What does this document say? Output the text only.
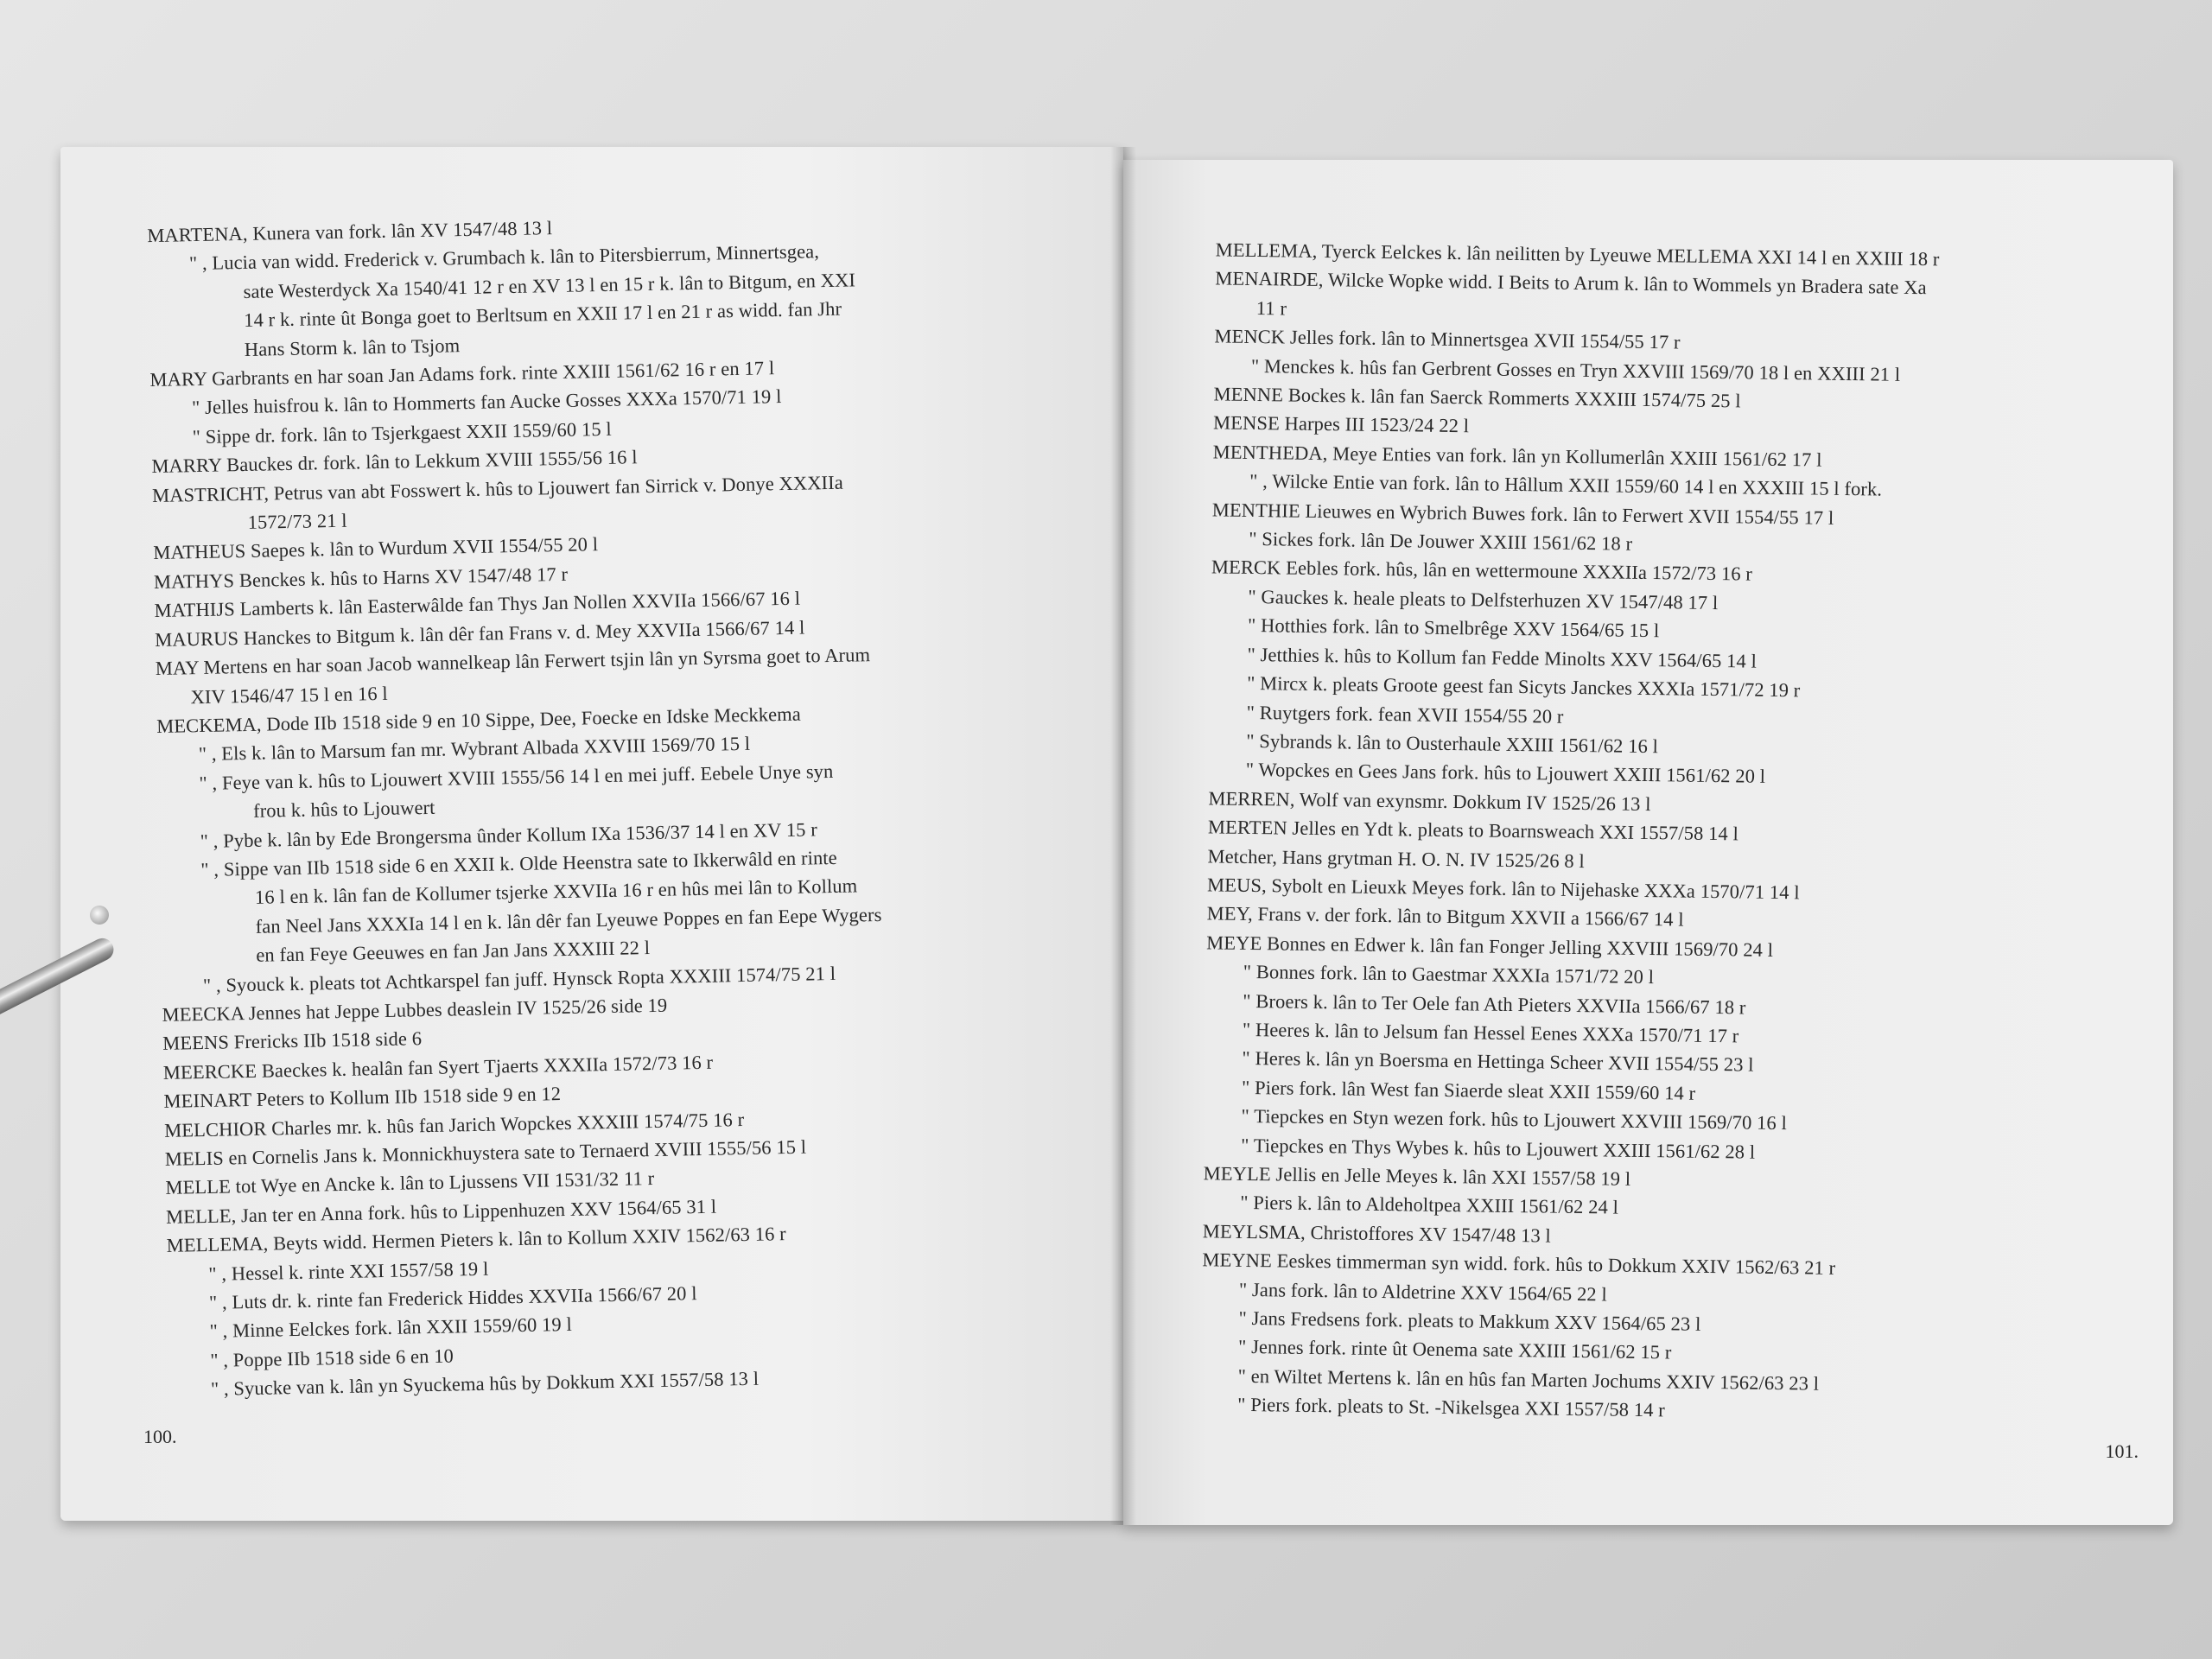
MARTENA, Kunera van fork. lân XV 1547/48 13 l
" , Lucia van widd. Frederick v. Grumbach k. lân to Pitersbierrum, Minnertsgea,
sate Westerdyck Xa 1540/41 12 r en XV 13 l en 15 r k. lân to Bitgum, en XXI
14 r k. rinte ût Bonga goet to Berltsum en XXII 17 l en 21 r as widd. fan Jhr
Hans Storm k. lân to Tsjom
MARY Garbrants en har soan Jan Adams fork. rinte XXIII 1561/62 16 r en 17 l
" Jelles huisfrou k. lân to Hommerts fan Aucke Gosses XXXa 1570/71 19 l
" Sippe dr. fork. lân to Tsjerkgaest XXII 1559/60 15 l
MARRY Bauckes dr. fork. lân to Lekkum XVIII 1555/56 16 l
MASTRICHT, Petrus van abt Fosswert k. hûs to Ljouwert fan Sirrick v. Donye XXXIIa
1572/73 21 l
MATHEUS Saepes k. lân to Wurdum XVII 1554/55 20 l
MATHYS Benckes k. hûs to Harns XV 1547/48 17 r
MATHIJS Lamberts k. lân Easterwâlde fan Thys Jan Nollen XXVIIa 1566/67 16 l
MAURUS Hanckes to Bitgum k. lân dêr fan Frans v. d. Mey XXVIIa 1566/67 14 l
MAY Mertens en har soan Jacob wannelkeap lân Ferwert tsjin lân yn Syrsma goet to Arum
XIV 1546/47 15 l en 16 l
MECKEMA, Dode IIb 1518 side 9 en 10 Sippe, Dee, Foecke en Idske Meckkema
" , Els k. lân to Marsum fan mr. Wybrant Albada XXVIII 1569/70 15 l
" , Feye van k. hûs to Ljouwert XVIII 1555/56 14 l en mei juff. Eebele Unye syn
frou k. hûs to Ljouwert
" , Pybe k. lân by Ede Brongersma ûnder Kollum IXa 1536/37 14 l en XV 15 r
" , Sippe van IIb 1518 side 6 en XXII k. Olde Heenstra sate to Ikkerwâld en rinte
16 l en k. lân fan de Kollumer tsjerke XXVIIa 16 r en hûs mei lân to Kollum
fan Neel Jans XXXIa 14 l en k. lân dêr fan Lyeuwe Poppes en fan Eepe Wygers
en fan Feye Geeuwes en fan Jan Jans XXXIII 22 l
" , Syouck k. pleats tot Achtkarspel fan juff. Hynsck Ropta XXXIII 1574/75 21 l
MEECKA Jennes hat Jeppe Lubbes deaslein IV 1525/26 side 19
MEENS Frericks IIb 1518 side 6
MEERCKE Baeckes k. healân fan Syert Tjaerts XXXIIa 1572/73 16 r
MEINART Peters to Kollum IIb 1518 side 9 en 12
MELCHIOR Charles mr. k. hûs fan Jarich Wopckes XXXIII 1574/75 16 r
MELIS en Cornelis Jans k. Monnickhuystera sate to Ternaerd XVIII 1555/56 15 l
MELLE tot Wye en Ancke k. lân to Ljussens VII 1531/32 11 r
MELLE, Jan ter en Anna fork. hûs to Lippenhuzen XXV 1564/65 31 l
MELLEMA, Beyts widd. Hermen Pieters k. lân to Kollum XXIV 1562/63 16 r
" , Hessel k. rinte XXI 1557/58 19 l
" , Luts dr. k. rinte fan Frederick Hiddes XXVIIa 1566/67 20 l
" , Minne Eelckes fork. lân XXII 1559/60 19 l
" , Poppe IIb 1518 side 6 en 10
" , Syucke van k. lân yn Syuckema hûs by Dokkum XXI 1557/58 13 l
100.
MELLEMA, Tyerck Eelckes k. lân neilitten by Lyeuwe MELLEMA XXI 14 l en XXIII 18 r
MENAIRDE, Wilcke Wopke widd. I Beits to Arum k. lân to Wommels yn Bradera sate Xa
11 r
MENCK Jelles fork. lân to Minnertsgea XVII 1554/55 17 r
" Menckes k. hûs fan Gerbrent Gosses en Tryn XXVIII 1569/70 18 l en XXIII 21 l
MENNE Bockes k. lân fan Saerck Rommerts XXXIII 1574/75 25 l
MENSE Harpes III 1523/24 22 l
MENTHEDA, Meye Enties van fork. lân yn Kollumerlân XXIII 1561/62 17 l
" , Wilcke Entie van fork. lân to Hâllum XXII 1559/60 14 l en XXXIII 15 l fork.
MENTHIE Lieuwes en Wybrich Buwes fork. lân to Ferwert XVII 1554/55 17 l
" Sickes fork. lân De Jouwer XXIII 1561/62 18 r
MERCK Eebles fork. hûs, lân en wettermoune XXXIIa 1572/73 16 r
" Gauckes k. heale pleats to Delfsterhuzen XV 1547/48 17 l
" Hotthies fork. lân to Smelbrêge XXV 1564/65 15 l
" Jetthies k. hûs to Kollum fan Fedde Minolts XXV 1564/65 14 l
" Mircx k. pleats Groote geest fan Sicyts Janckes XXXIa 1571/72 19 r
" Ruytgers fork. fean XVII 1554/55 20 r
" Sybrands k. lân to Ousterhaule XXIII 1561/62 16 l
" Wopckes en Gees Jans fork. hûs to Ljouwert XXIII 1561/62 20 l
MERREN, Wolf van exynsmr. Dokkum IV 1525/26 13 l
MERTEN Jelles en Ydt k. pleats to Boarnsweach XXI 1557/58 14 l
Metcher, Hans grytman H. O. N. IV 1525/26 8 l
MEUS, Sybolt en Lieuxk Meyes fork. lân to Nijehaske XXXa 1570/71 14 l
MEY, Frans v. der fork. lân to Bitgum XXVII a 1566/67 14 l
MEYE Bonnes en Edwer k. lân fan Fonger Jelling XXVIII 1569/70 24 l
" Bonnes fork. lân to Gaestmar XXXIa 1571/72 20 l
" Broers k. lân to Ter Oele fan Ath Pieters XXVIIa 1566/67 18 r
" Heeres k. lân to Jelsum fan Hessel Eenes XXXa 1570/71 17 r
" Heres k. lân yn Boersma en Hettinga Scheer XVII 1554/55 23 l
" Piers fork. lân West fan Siaerde sleat XXII 1559/60 14 r
" Tiepckes en Styn wezen fork. hûs to Ljouwert XXVIII 1569/70 16 l
" Tiepckes en Thys Wybes k. hûs to Ljouwert XXIII 1561/62 28 l
MEYLE Jellis en Jelle Meyes k. lân XXI 1557/58 19 l
" Piers k. lân to Aldeholtpea XXIII 1561/62 24 l
MEYLSMA, Christoffores XV 1547/48 13 l
MEYNE Eeskes timmerman syn widd. fork. hûs to Dokkum XXIV 1562/63 21 r
" Jans fork. lân to Aldetrine XXV 1564/65 22 l
" Jans Fredsens fork. pleats to Makkum XXV 1564/65 23 l
" Jennes fork. rinte ût Oenema sate XXIII 1561/62 15 r
" en Wiltet Mertens k. lân en hûs fan Marten Jochums XXIV 1562/63 23 l
" Piers fork. pleats to St. -Nikelsgea XXI 1557/58 14 r
101.
